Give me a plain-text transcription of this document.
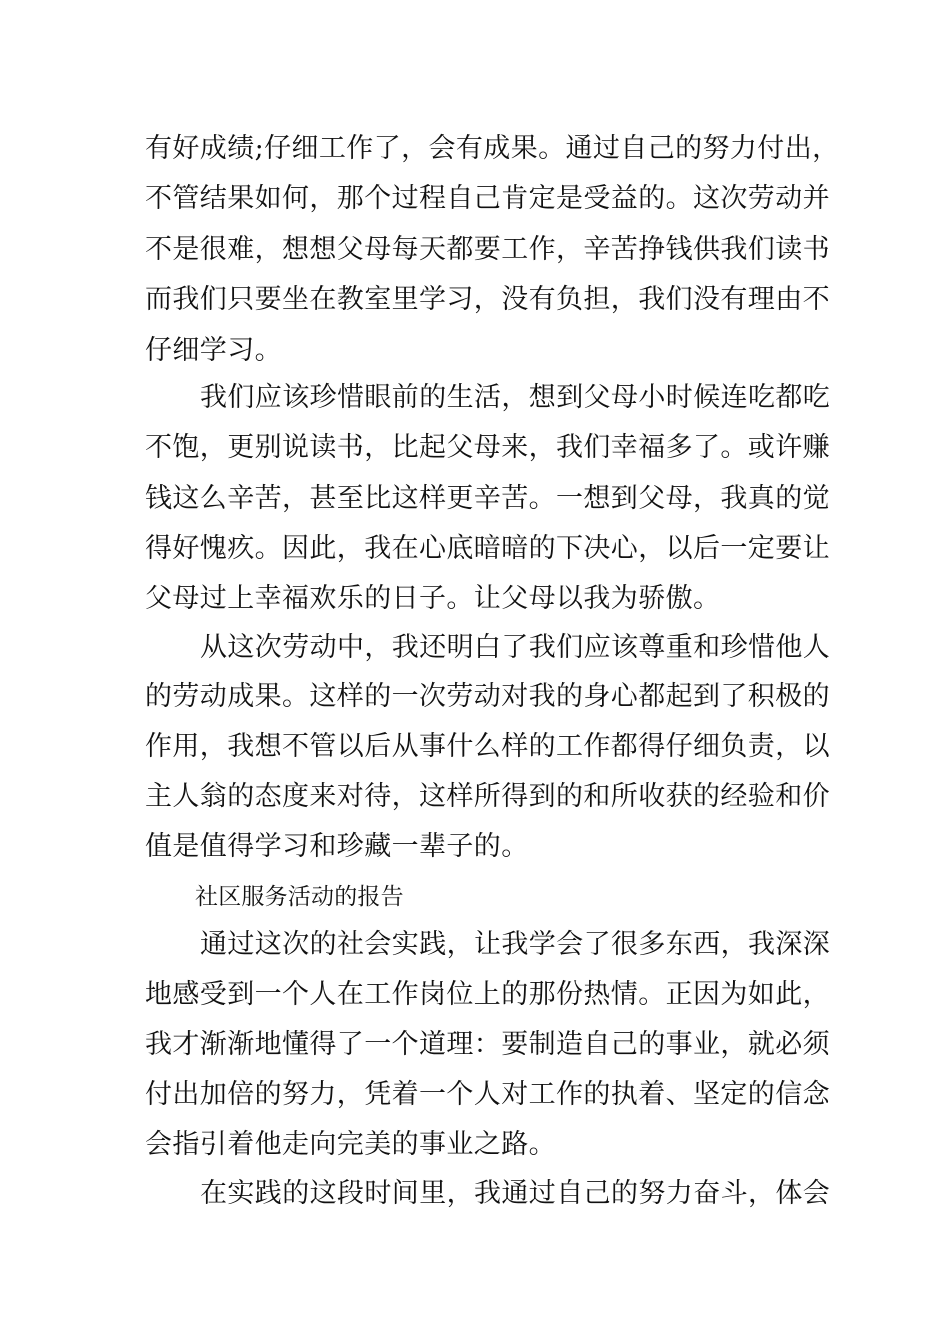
有好成绩;仔细工作了，会有成果。通过自己的努力付出，
不管结果如何，那个过程自己肯定是受益的。这次劳动并
不是很难，想想父母每天都要工作，辛苦挣钱供我们读书
而我们只要坐在教室里学习，没有负担，我们没有理由不
仔细学习。
我们应该珍惜眼前的生活，想到父母小时候连吃都吃
不饱，更别说读书，比起父母来，我们幸福多了。或许赚
钱这么辛苦，甚至比这样更辛苦。一想到父母，我真的觉
得好愧疚。因此，我在心底暗暗的下决心，以后一定要让
父母过上幸福欢乐的日子。让父母以我为骄傲。
从这次劳动中，我还明白了我们应该尊重和珍惜他人
的劳动成果。这样的一次劳动对我的身心都起到了积极的
作用，我想不管以后从事什么样的工作都得仔细负责，以
主人翁的态度来对待，这样所得到的和所收获的经验和价
值是值得学习和珍藏一辈子的。
社区服务活动的报告
通过这次的社会实践，让我学会了很多东西，我深深
地感受到一个人在工作岗位上的那份热情。正因为如此，
我才渐渐地懂得了一个道理：要制造自己的事业，就必须
付出加倍的努力，凭着一个人对工作的执着、坚定的信念
会指引着他走向完美的事业之路。
在实践的这段时间里，我通过自己的努力奋斗，体会
